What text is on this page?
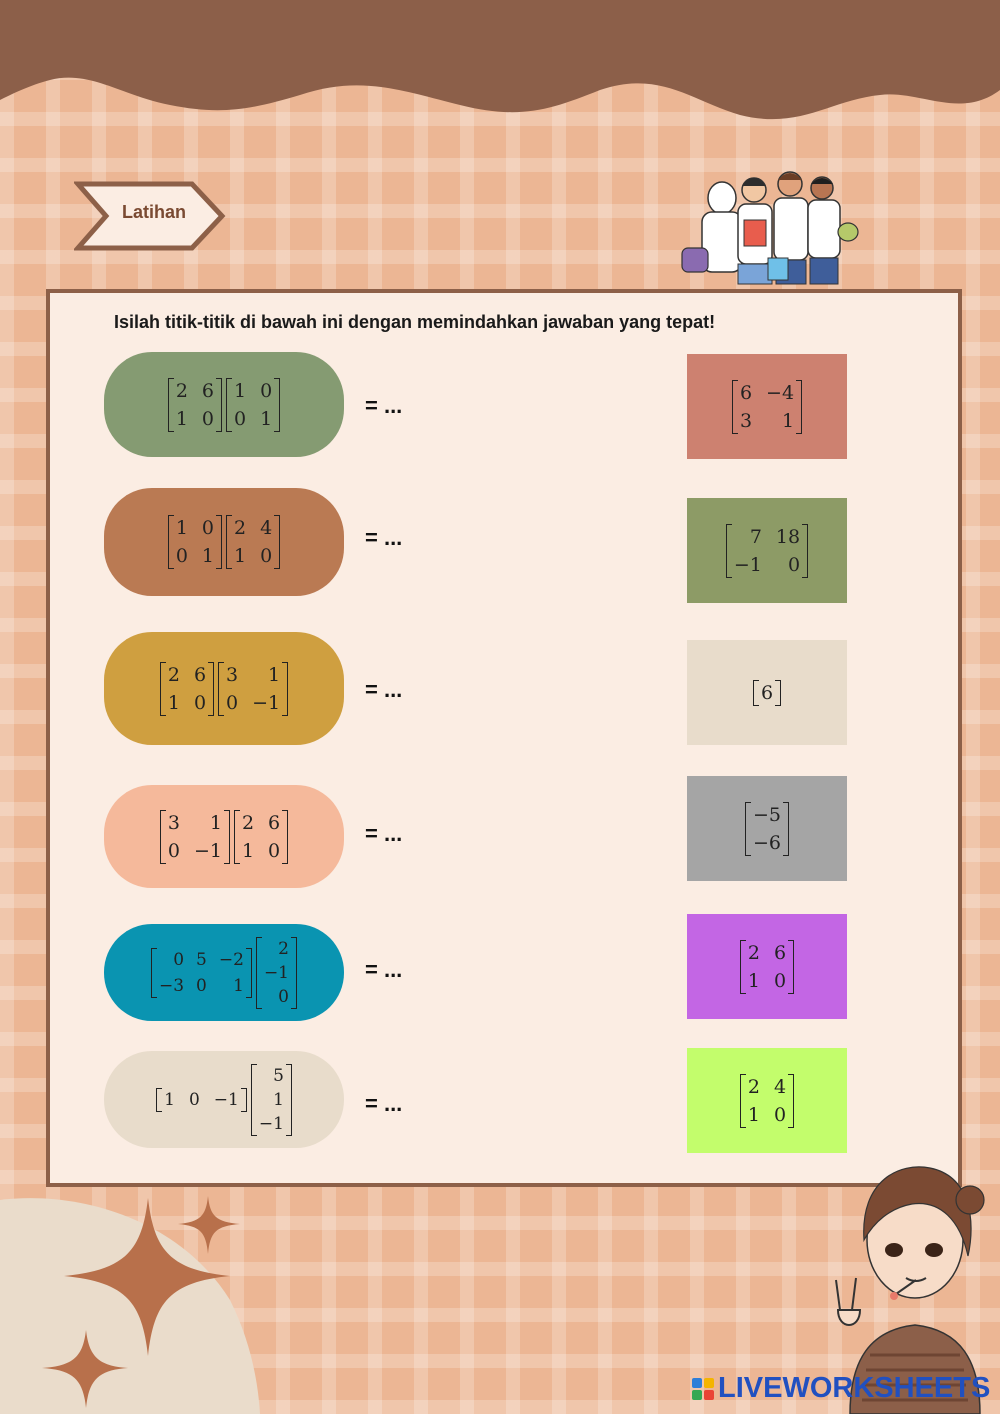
Latihan
Isilah titik-titik di bawah ini dengan memindahkan jawaban yang tepat!
2 6
1 0
1 0
0 1
= ...
1 0
0 1
2 4
1 0
= ...
2 6
1 0
3	1
0 −1
= ...
3	1
0 −1
2 6
1 0
= ...
0 5 −2
−3 0	1
2
−1
0
= ...
1 0 −1
5
1
−1
= ...
6 −4
3	1
7 18
−1	0
6
−5
−6
2 6
1 0
2 4
1 0
LIVEWORKSHEETS
